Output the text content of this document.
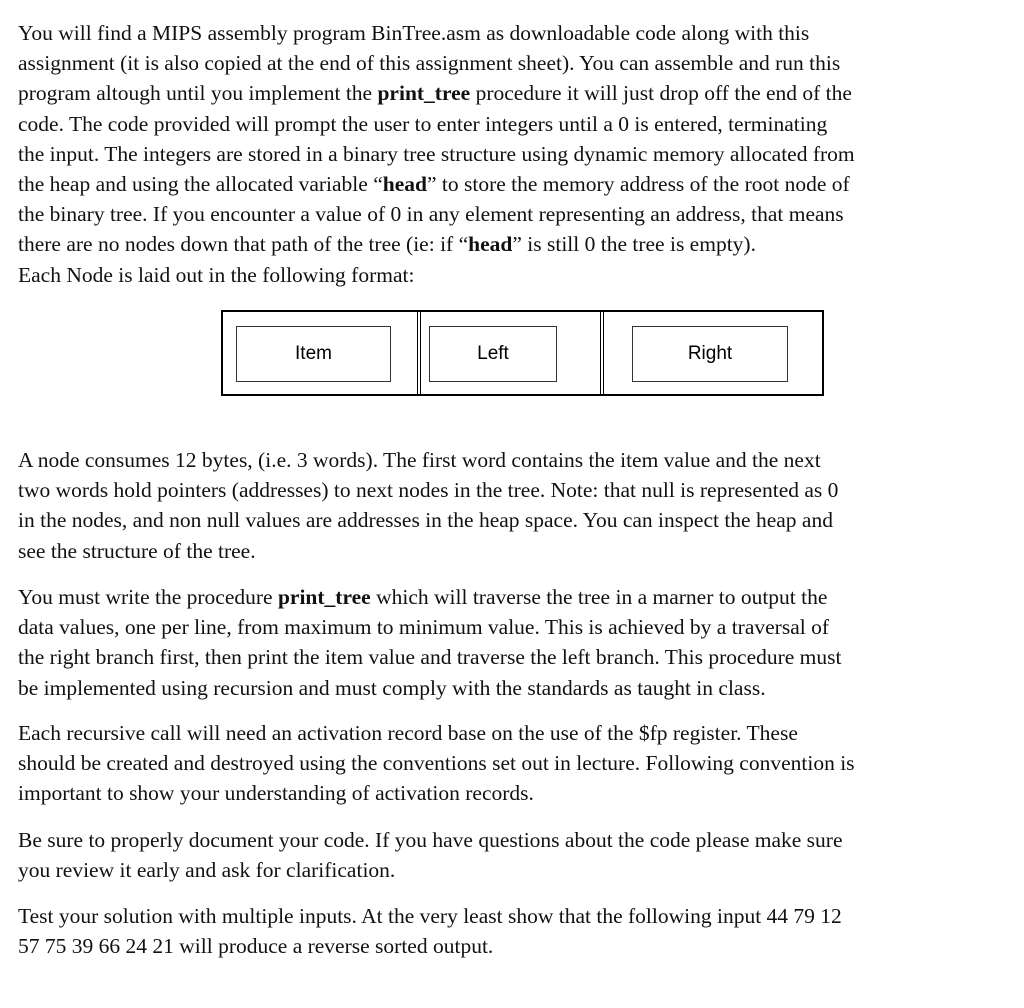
You will find a MIPS assembly program BinTree.asm as downloadable code along with this
assignment (it is also copied at the end of this assignment sheet). You can assemble and run this
program altough until you implement the print_tree procedure it will just drop off the end of the
code. The code provided will prompt the user to enter integers until a 0 is entered, terminating
the input. The integers are stored in a binary tree structure using dynamic memory allocated from
the heap and using the allocated variable “head” to store the memory address of the root node of
the binary tree. If you encounter a value of 0 in any element representing an address, that means
there are no nodes down that path of the tree (ie: if “head” is still 0 the tree is empty).
Each Node is laid out in the following format:

Item	Left	Right

A node consumes 12 bytes, (i.e. 3 words). The first word contains the item value and the next
two words hold pointers (addresses) to next nodes in the tree. Note: that null is represented as 0
in the nodes, and non null values are addresses in the heap space. You can inspect the heap and
see the structure of the tree.

You must write the procedure print_tree which will traverse the tree in a marner to output the
data values, one per line, from maximum to minimum value. This is achieved by a traversal of
the right branch first, then print the item value and traverse the left branch. This procedure must
be implemented using recursion and must comply with the standards as taught in class.

Each recursive call will need an activation record base on the use of the $fp register. These
should be created and destroyed using the conventions set out in lecture. Following convention is
important to show your understanding of activation records.

Be sure to properly document your code. If you have questions about the code please make sure
you review it early and ask for clarification.

Test your solution with multiple inputs. At the very least show that the following input 44 79 12
57 75 39 66 24 21 will produce a reverse sorted output.
